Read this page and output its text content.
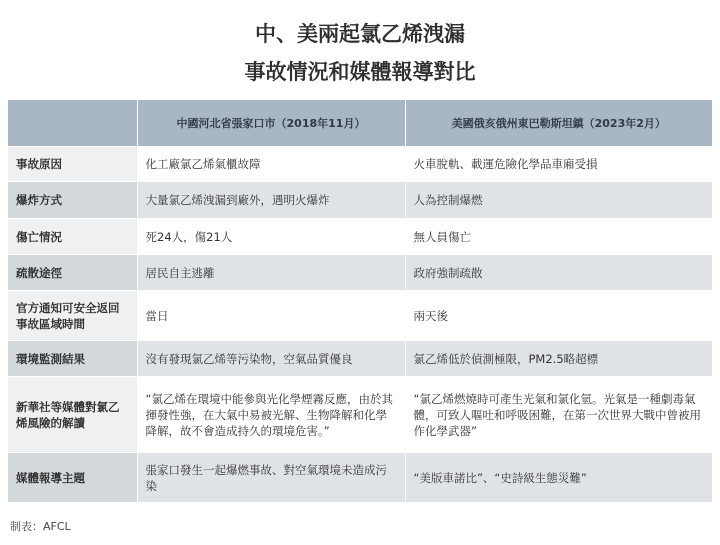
中、美兩起氯乙烯洩漏
事故情況和媒體報導對比
	中國河北省張家口市（2018年11月）	美國俄亥俄州東巴勒斯坦鎮（2023年2月）
事故原因	化工廠氯乙烯氣櫃故障	火車脫軌、載運危險化學品車廂受損
爆炸方式	大量氯乙烯洩漏到廠外，遇明火爆炸	人為控制爆燃
傷亡情況	死24人，傷21人	無人員傷亡
疏散途徑	居民自主逃離	政府強制疏散
官方通知可安全返回事故區域時間	當日	兩天後
環境監測結果	沒有發現氯乙烯等污染物，空氣品質優良	氯乙烯低於偵測極限，PM2.5略超標
新華社等媒體對氯乙烯風險的解讀	“氯乙烯在環境中能參與光化學煙霧反應，由於其揮發性強，在大氣中易被光解、生物降解和化學降解，故不會造成持久的環境危害。”	“氯乙烯燃燒時可產生光氣和氯化氫。光氣是一種劇毒氣體，可致人嘔吐和呼吸困難，在第一次世界大戰中曾被用作化學武器”
媒體報導主題	張家口發生一起爆燃事故、對空氣環境未造成污染	“美版車諾比”、“史詩級生態災難”
制表：AFCL
